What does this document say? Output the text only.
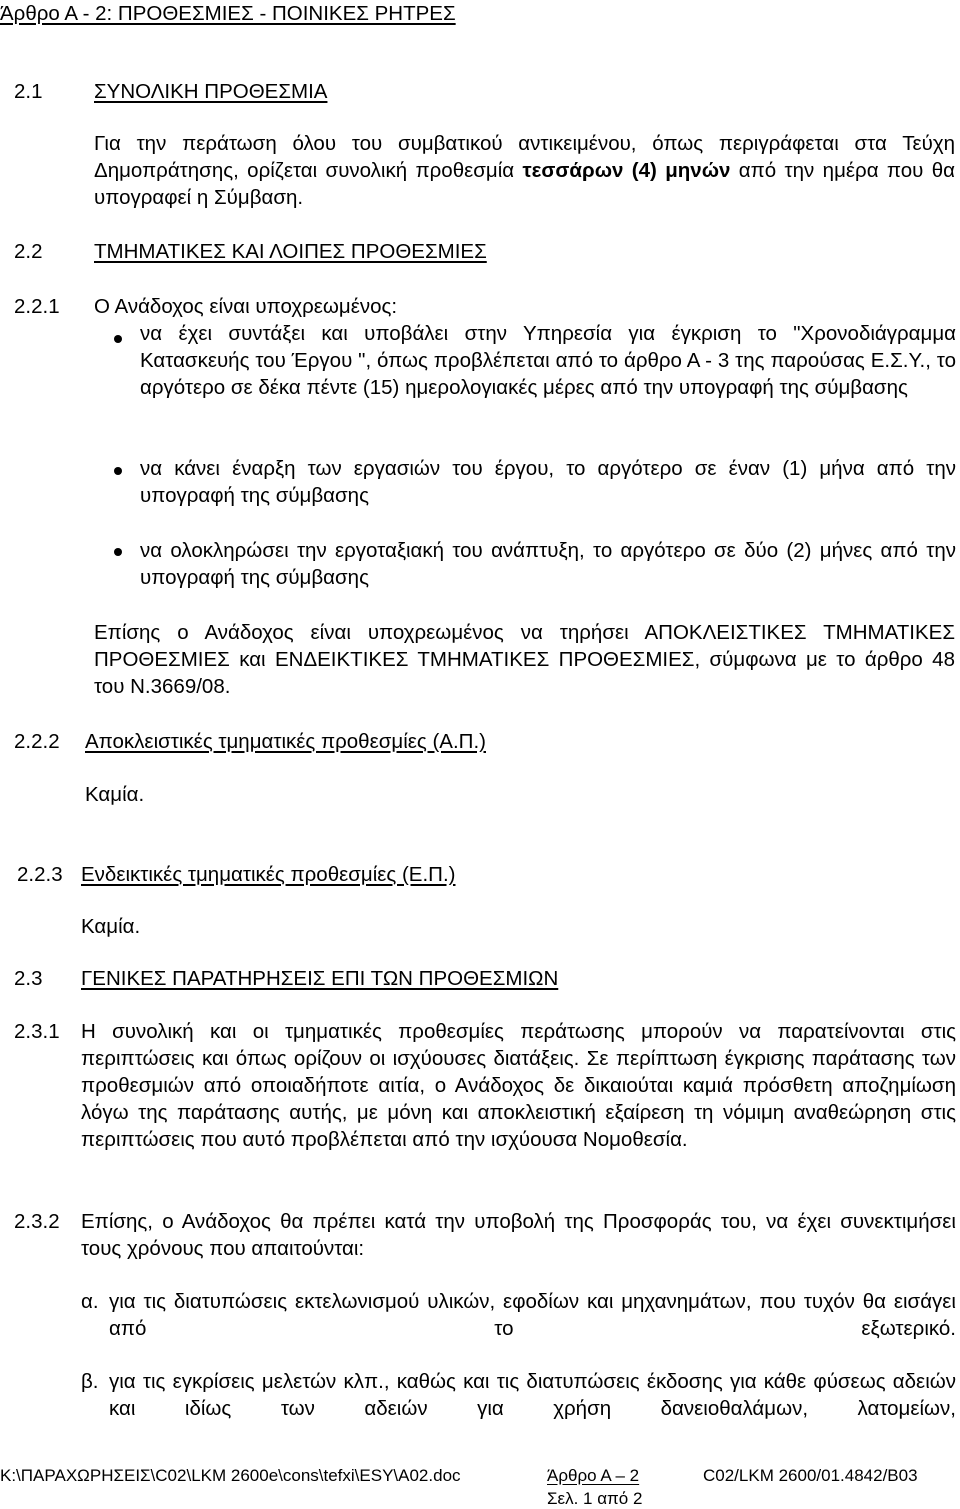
Άρθρο Α - 2: ΠΡΟΘΕΣΜΙΕΣ - ΠΟΙΝΙΚΕΣ ΡΗΤΡΕΣ
2.1	ΣΥΝΟΛΙΚΗ ΠΡΟΘΕΣΜΙΑ
Για την περάτωση όλου του συμβατικού αντικειμένου, όπως περιγράφεται στα Τεύχη Δημοπράτησης, ορίζεται συνολική προθεσμία τεσσάρων (4) μηνών από την ημέρα που θα υπογραφεί η Σύμβαση.
2.2	ΤΜΗΜΑΤΙΚΕΣ ΚΑΙ ΛΟΙΠΕΣ ΠΡΟΘΕΣΜΙΕΣ
2.2.1 Ο Ανάδοχος είναι υποχρεωμένος:
να έχει συντάξει και υποβάλει στην Υπηρεσία για έγκριση το "Χρονοδιάγραμμα Κατασκευής του Έργου ", όπως προβλέπεται από το άρθρο Α - 3 της παρούσας Ε.Σ.Υ., το αργότερο σε δέκα πέντε (15) ημερολογιακές μέρες από την υπογραφή της σύμβασης
να κάνει έναρξη των εργασιών του έργου, το αργότερο σε έναν (1) μήνα από την υπογραφή της σύμβασης
να ολοκληρώσει την εργοταξιακή του ανάπτυξη, το αργότερο σε δύο (2) μήνες από την υπογραφή της σύμβασης
Επίσης ο Ανάδοχος είναι υποχρεωμένος να τηρήσει ΑΠΟΚΛΕΙΣΤΙΚΕΣ ΤΜΗΜΑΤΙΚΕΣ ΠΡΟΘΕΣΜΙΕΣ και ΕΝΔΕΙΚΤΙΚΕΣ ΤΜΗΜΑΤΙΚΕΣ ΠΡΟΘΕΣΜΙΕΣ, σύμφωνα με το άρθρο 48 του Ν.3669/08.
2.2.2 Αποκλειστικές τμηματικές προθεσμίες (Α.Π.)
Καμία.
2.2.3 Ενδεικτικές τμηματικές προθεσμίες (Ε.Π.)
Καμία.
2.3 ΓΕΝΙΚΕΣ ΠΑΡΑΤΗΡΗΣΕΙΣ ΕΠΙ ΤΩΝ ΠΡΟΘΕΣΜΙΩΝ
2.3.1 Η συνολική και οι τμηματικές προθεσμίες περάτωσης μπορούν να παρατείνονται στις περιπτώσεις και όπως ορίζουν οι ισχύουσες διατάξεις. Σε περίπτωση έγκρισης παράτασης των προθεσμιών από οποιαδήποτε αιτία, ο Ανάδοχος δε δικαιούται καμιά πρόσθετη αποζημίωση λόγω της παράτασης αυτής, με μόνη και αποκλειστική εξαίρεση τη νόμιμη αναθεώρηση στις περιπτώσεις που αυτό προβλέπεται από την ισχύουσα Νομοθεσία.
2.3.2 Επίσης, ο Ανάδοχος θα πρέπει κατά την υποβολή της Προσφοράς του, να έχει συνεκτιμήσει τους χρόνους που απαιτούνται:
α. για τις διατυπώσεις εκτελωνισμού υλικών, εφοδίων και μηχανημάτων, που τυχόν θα εισάγει από το εξωτερικό.
β. για τις εγκρίσεις μελετών κλπ., καθώς και τις διατυπώσεις έκδοσης για κάθε φύσεως αδειών και ιδίως των αδειών για χρήση δανειοθαλάμων, λατομείων,
K:\ΠΑΡΑΧΩΡΗΣΕΙΣ\C02\LKM 2600e\cons\tefxi\ESY\A02.doc	Άρθρο Α – 2	C02/LKM 2600/01.4842/B03
Σελ. 1 από 2
